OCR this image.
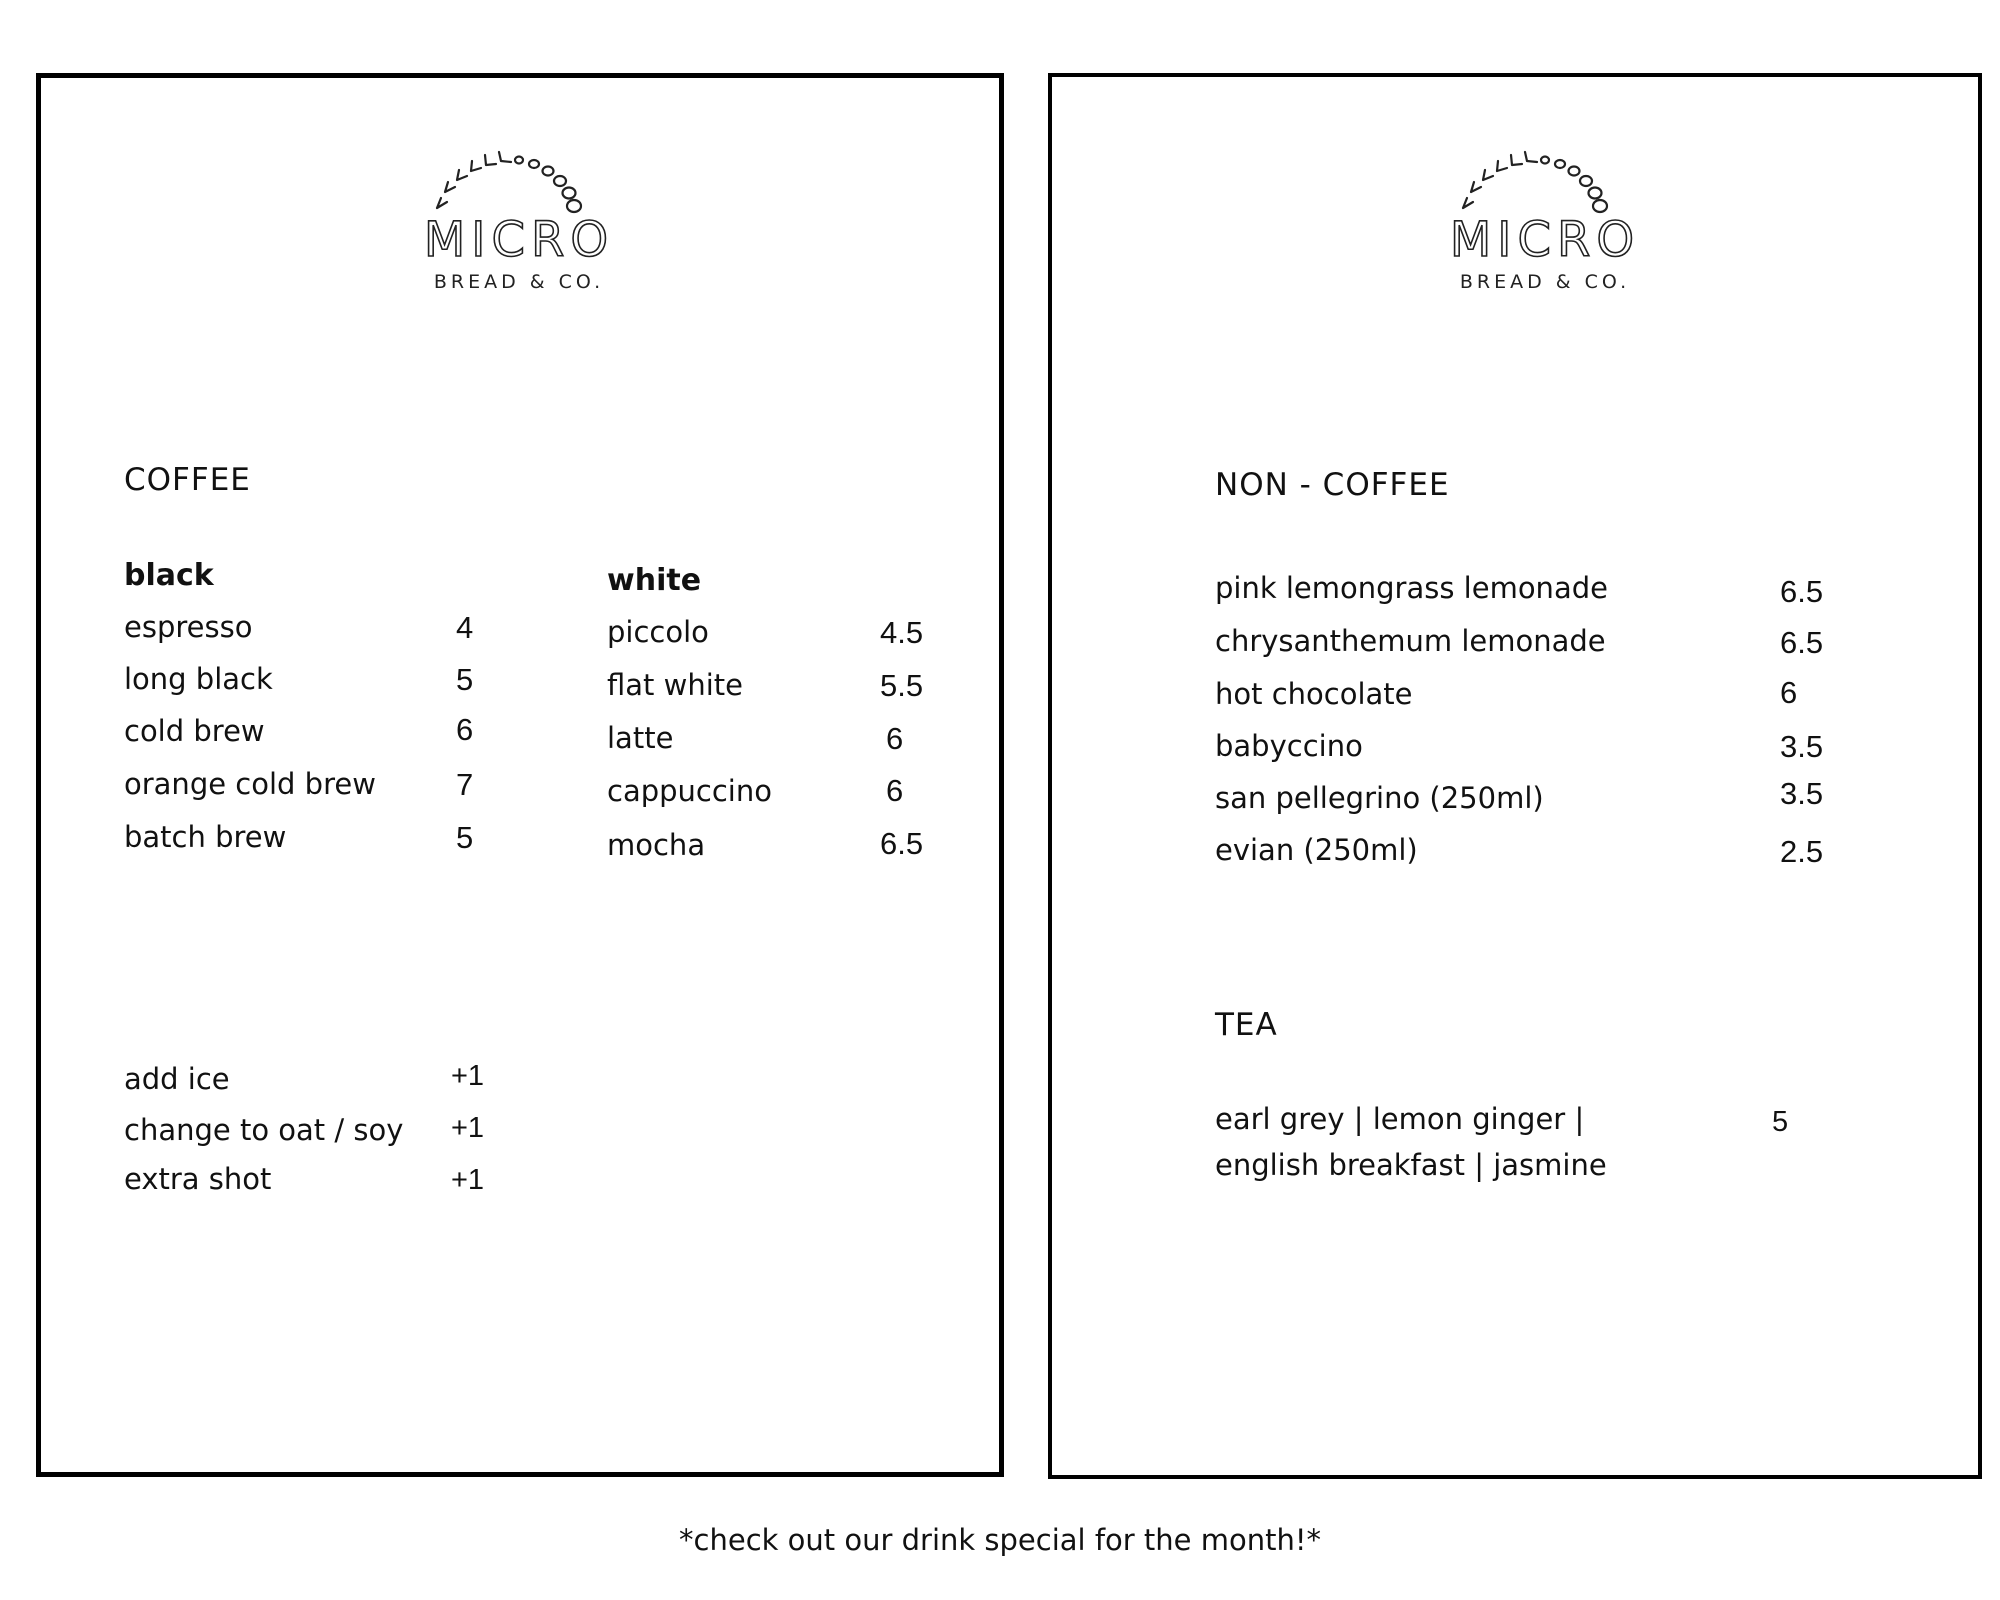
MICRO
BREAD & CO.
COFFEE
black	white
espresso	4
long black	5
cold brew	6
orange cold brew	7
batch brew	5
piccolo	4.5
flat white	5.5
latte	6
cappuccino	6
mocha	6.5
add ice	+1
change to oat / soy +1
extra shot	+1
MICRO
BREAD & CO.
NON - COFFEE
pink lemongrass lemonade	6.5
chrysanthemum lemonade	6.5
hot chocolate	6
babyccino	3.5
san pellegrino (250ml)	3.5
evian (250ml)	2.5
TEA
earl grey | lemon ginger |
english breakfast | jasmine
5
*check out our drink special for the month!*
